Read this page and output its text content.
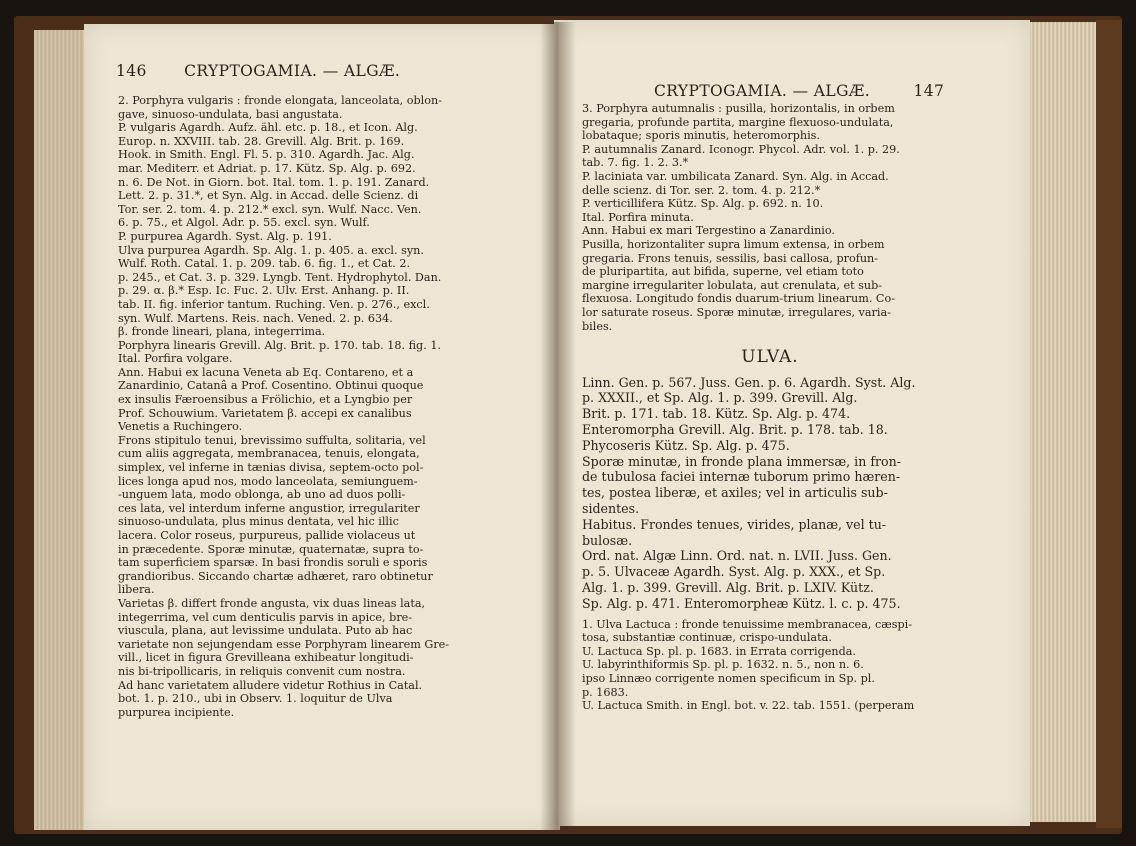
CRYPTOGAMIA. — ALGÆ.	147
3. Porphyra autumnalis : pusilla, horizontalis, in orbem
gregaria, profunde partita, margine flexuoso-undulata,
lobataque; sporis minutis, heteromorphis.
P. autumnalis Zanard. Iconogr. Phycol. Adr. vol. 1. p. 29.
tab. 7. fig. 1. 2. 3.*
P. laciniata var. umbilicata Zanard. Syn. Alg. in Accad.
delle scienz. di Tor. ser. 2. tom. 4. p. 212.*
P. verticillifera Kütz. Sp. Alg. p. 692. n. 10.
Ital. Porfira minuta.
Ann. Habui ex mari Tergestino a Zanardinio.
Pusilla, horizontaliter supra limum extensa, in orbem
gregaria. Frons tenuis, sessilis, basi callosa, profun-
de pluripartita, aut bifida, superne, vel etiam toto
margine irregulariter lobulata, aut crenulata, et sub-
flexuosa. Longitudo fondis duarum-trium linearum. Co-
lor saturate roseus. Sporæ minutæ, irregulares, varia-
biles.
ULVA.
Linn. Gen. p. 567. Juss. Gen. p. 6. Agardh. Syst. Alg.
p. XXXII., et Sp. Alg. 1. p. 399. Grevill. Alg.
Brit. p. 171. tab. 18. Kütz. Sp. Alg. p. 474.
Enteromorpha Grevill. Alg. Brit. p. 178. tab. 18.
Phycoseris Kütz. Sp. Alg. p. 475.
Sporæ minutæ, in fronde plana immersæ, in fron-
de tubulosa faciei internæ tuborum primo hæren-
tes, postea liberæ, et axiles; vel in articulis sub-
sidentes.
Habitus. Frondes tenues, virides, planæ, vel tu-
bulosæ.
Ord. nat. Algæ Linn. Ord. nat. n. LVII. Juss. Gen.
p. 5. Ulvaceæ Agardh. Syst. Alg. p. XXX., et Sp.
Alg. 1. p. 399. Grevill. Alg. Brit. p. LXIV. Kütz.
Sp. Alg. p. 471. Enteromorpheæ Kütz. l. c. p. 475.
1. Ulva Lactuca : fronde tenuissime membranacea, cæspi-
tosa, substantiæ continuæ, crispo-undulata.
U. Lactuca Sp. pl. p. 1683. in Errata corrigenda.
U. labyrinthiformis Sp. pl. p. 1632. n. 5., non n. 6.
ipso Linnæo corrigente nomen specificum in Sp. pl.
p. 1683.
U. Lactuca Smith. in Engl. bot. v. 22. tab. 1551. (perperam
146 CRYPTOGAMIA. — ALGÆ.
2. Porphyra vulgaris : fronde elongata, lanceolata, oblon-
gave, sinuoso-undulata, basi angustata.
P. vulgaris Agardh. Aufz. ähl. etc. p. 18., et Icon. Alg.
Europ. n. XXVIII. tab. 28. Grevill. Alg. Brit. p. 169.
Hook. in Smith. Engl. Fl. 5. p. 310. Agardh. Jac. Alg.
mar. Mediterr. et Adriat. p. 17. Kütz. Sp. Alg. p. 692.
n. 6. De Not. in Giorn. bot. Ital. tom. 1. p. 191. Zanard.
Lett. 2. p. 31.*, et Syn. Alg. in Accad. delle Scienz. di
Tor. ser. 2. tom. 4. p. 212.* excl. syn. Wulf. Nacc. Ven.
6. p. 75., et Algol. Adr. p. 55. excl. syn. Wulf.
P. purpurea Agardh. Syst. Alg. p. 191.
Ulva purpurea Agardh. Sp. Alg. 1. p. 405. a. excl. syn.
Wulf. Roth. Catal. 1. p. 209. tab. 6. fig. 1., et Cat. 2.
p. 245., et Cat. 3. p. 329. Lyngb. Tent. Hydrophytol. Dan.
p. 29. α. β.* Esp. Ic. Fuc. 2. Ulv. Erst. Anhang. p. II.
tab. II. fig. inferior tantum. Ruching. Ven. p. 276., excl.
syn. Wulf. Martens. Reis. nach. Vened. 2. p. 634.
β. fronde lineari, plana, integerrima.
Porphyra linearis Grevill. Alg. Brit. p. 170. tab. 18. fig. 1.
Ital. Porfira volgare.
Ann. Habui ex lacuna Veneta ab Eq. Contareno, et a
Zanardinio, Catanâ a Prof. Cosentino. Obtinui quoque
ex insulis Færoensibus a Frölichio, et a Lyngbio per
Prof. Schouwium. Varietatem β. accepi ex canalibus
Venetis a Ruchingero.
Frons stipitulo tenui, brevissimo suffulta, solitaria, vel
cum aliis aggregata, membranacea, tenuis, elongata,
simplex, vel inferne in tænias divisa, septem-octo pol-
lices longa apud nos, modo lanceolata, semiunguem-
-unguem lata, modo oblonga, ab uno ad duos polli-
ces lata, vel interdum inferne angustior, irregulariter
sinuoso-undulata, plus minus dentata, vel hic illic
lacera. Color roseus, purpureus, pallide violaceus ut
in præcedente. Sporæ minutæ, quaternatæ, supra to-
tam superficiem sparsæ. In basi frondis soruli e sporis
grandioribus. Siccando chartæ adhæret, raro obtinetur
libera.
Varietas β. differt fronde angusta, vix duas lineas lata,
integerrima, vel cum denticulis parvis in apice, bre-
viuscula, plana, aut levissime undulata. Puto ab hac
varietate non sejungendam esse Porphyram linearem Gre-
vill., licet in figura Grevilleana exhibeatur longitudi-
nis bi-tripollicaris, in reliquis convenit cum nostra.
Ad hanc varietatem alludere videtur Rothius in Catal.
bot. 1. p. 210., ubi in Observ. 1. loquitur de Ulva
purpurea incipiente.
